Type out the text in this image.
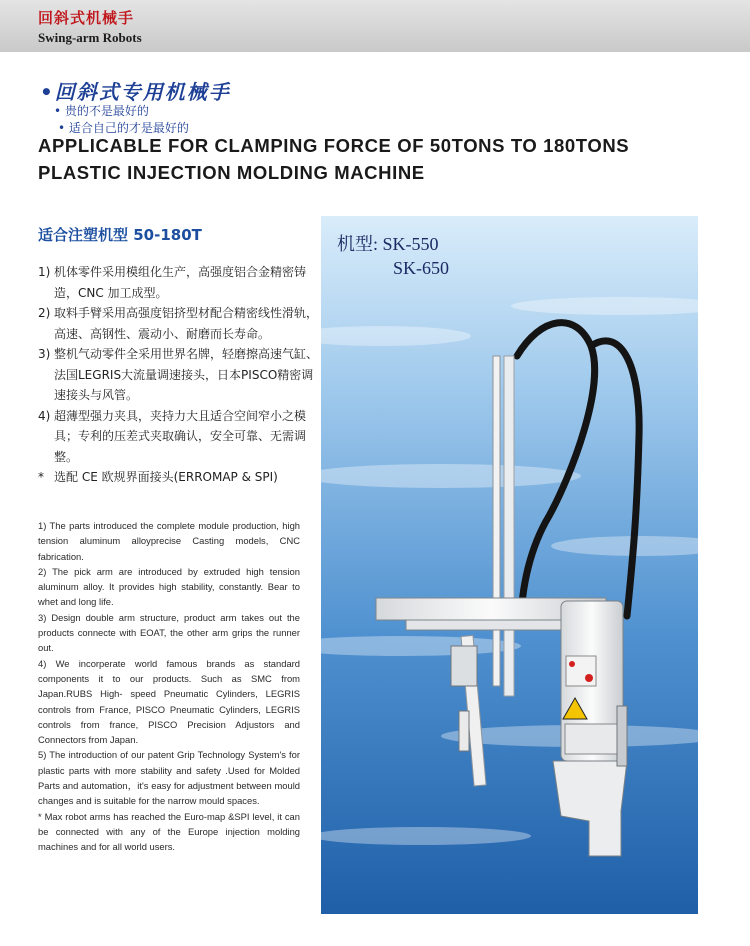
回斜式机械手
Swing-arm Robots
•回斜式专用机械手
• 贵的不是最好的
• 适合自己的才是最好的
APPLICABLE FOR CLAMPING FORCE OF 50TONS TO 180TONS
PLASTIC INJECTION MOLDING MACHINE
适合注塑机型 50-180T
1) 机体零件采用模组化生产，高强度铝合金精密铸造，CNC 加工成型。
2) 取料手臂采用高强度铝挤型材配合精密线性滑轨，高速、高钢性、震动小、耐磨而长寿命。
3) 整机气动零件全采用世界名牌，轻磨擦高速气缸、法国LEGRIS大流量调速接头，日本PISCO精密调速接头与风管。
4) 超薄型强力夹具，夹持力大且适合空间窄小之模具；专利的压差式夹取确认，安全可靠、无需调整。
* 选配 CE 欧规界面接头(ERROMAP & SPI)

1) The parts introduced the complete module production, high tension aluminum alloyprecise Casting models, CNC fabrication.

2) The pick arm are introduced by extruded high tension aluminum alloy. It provides high stability, constantly. Bear to whet and long life.

3) Design double arm structure, product arm takes out the products connecte with EOAT, the other arm grips the runner out.

4) We incorperate world famous brands as standard components it to our products. Such as SMC from Japan.RUBS High- speed Pneumatic Cylinders, LEGRIS controls from France, PISCO Pneumatic Cylinders, LEGRIS controls from france, PISCO Precision Adjustors and Connectors from Japan.

5) The introduction of our patent Grip Technology System's for plastic parts with more stability and safety .Used for Molded Parts and automation，it's easy for adjustment between mould changes and is suitable for the narrow mould spaces.

* Max robot arms has reached the Euro-map &SPI level, it can be connected with any of the Europe injection molding machines and for all world users.

机型: SK-550
SK-650
